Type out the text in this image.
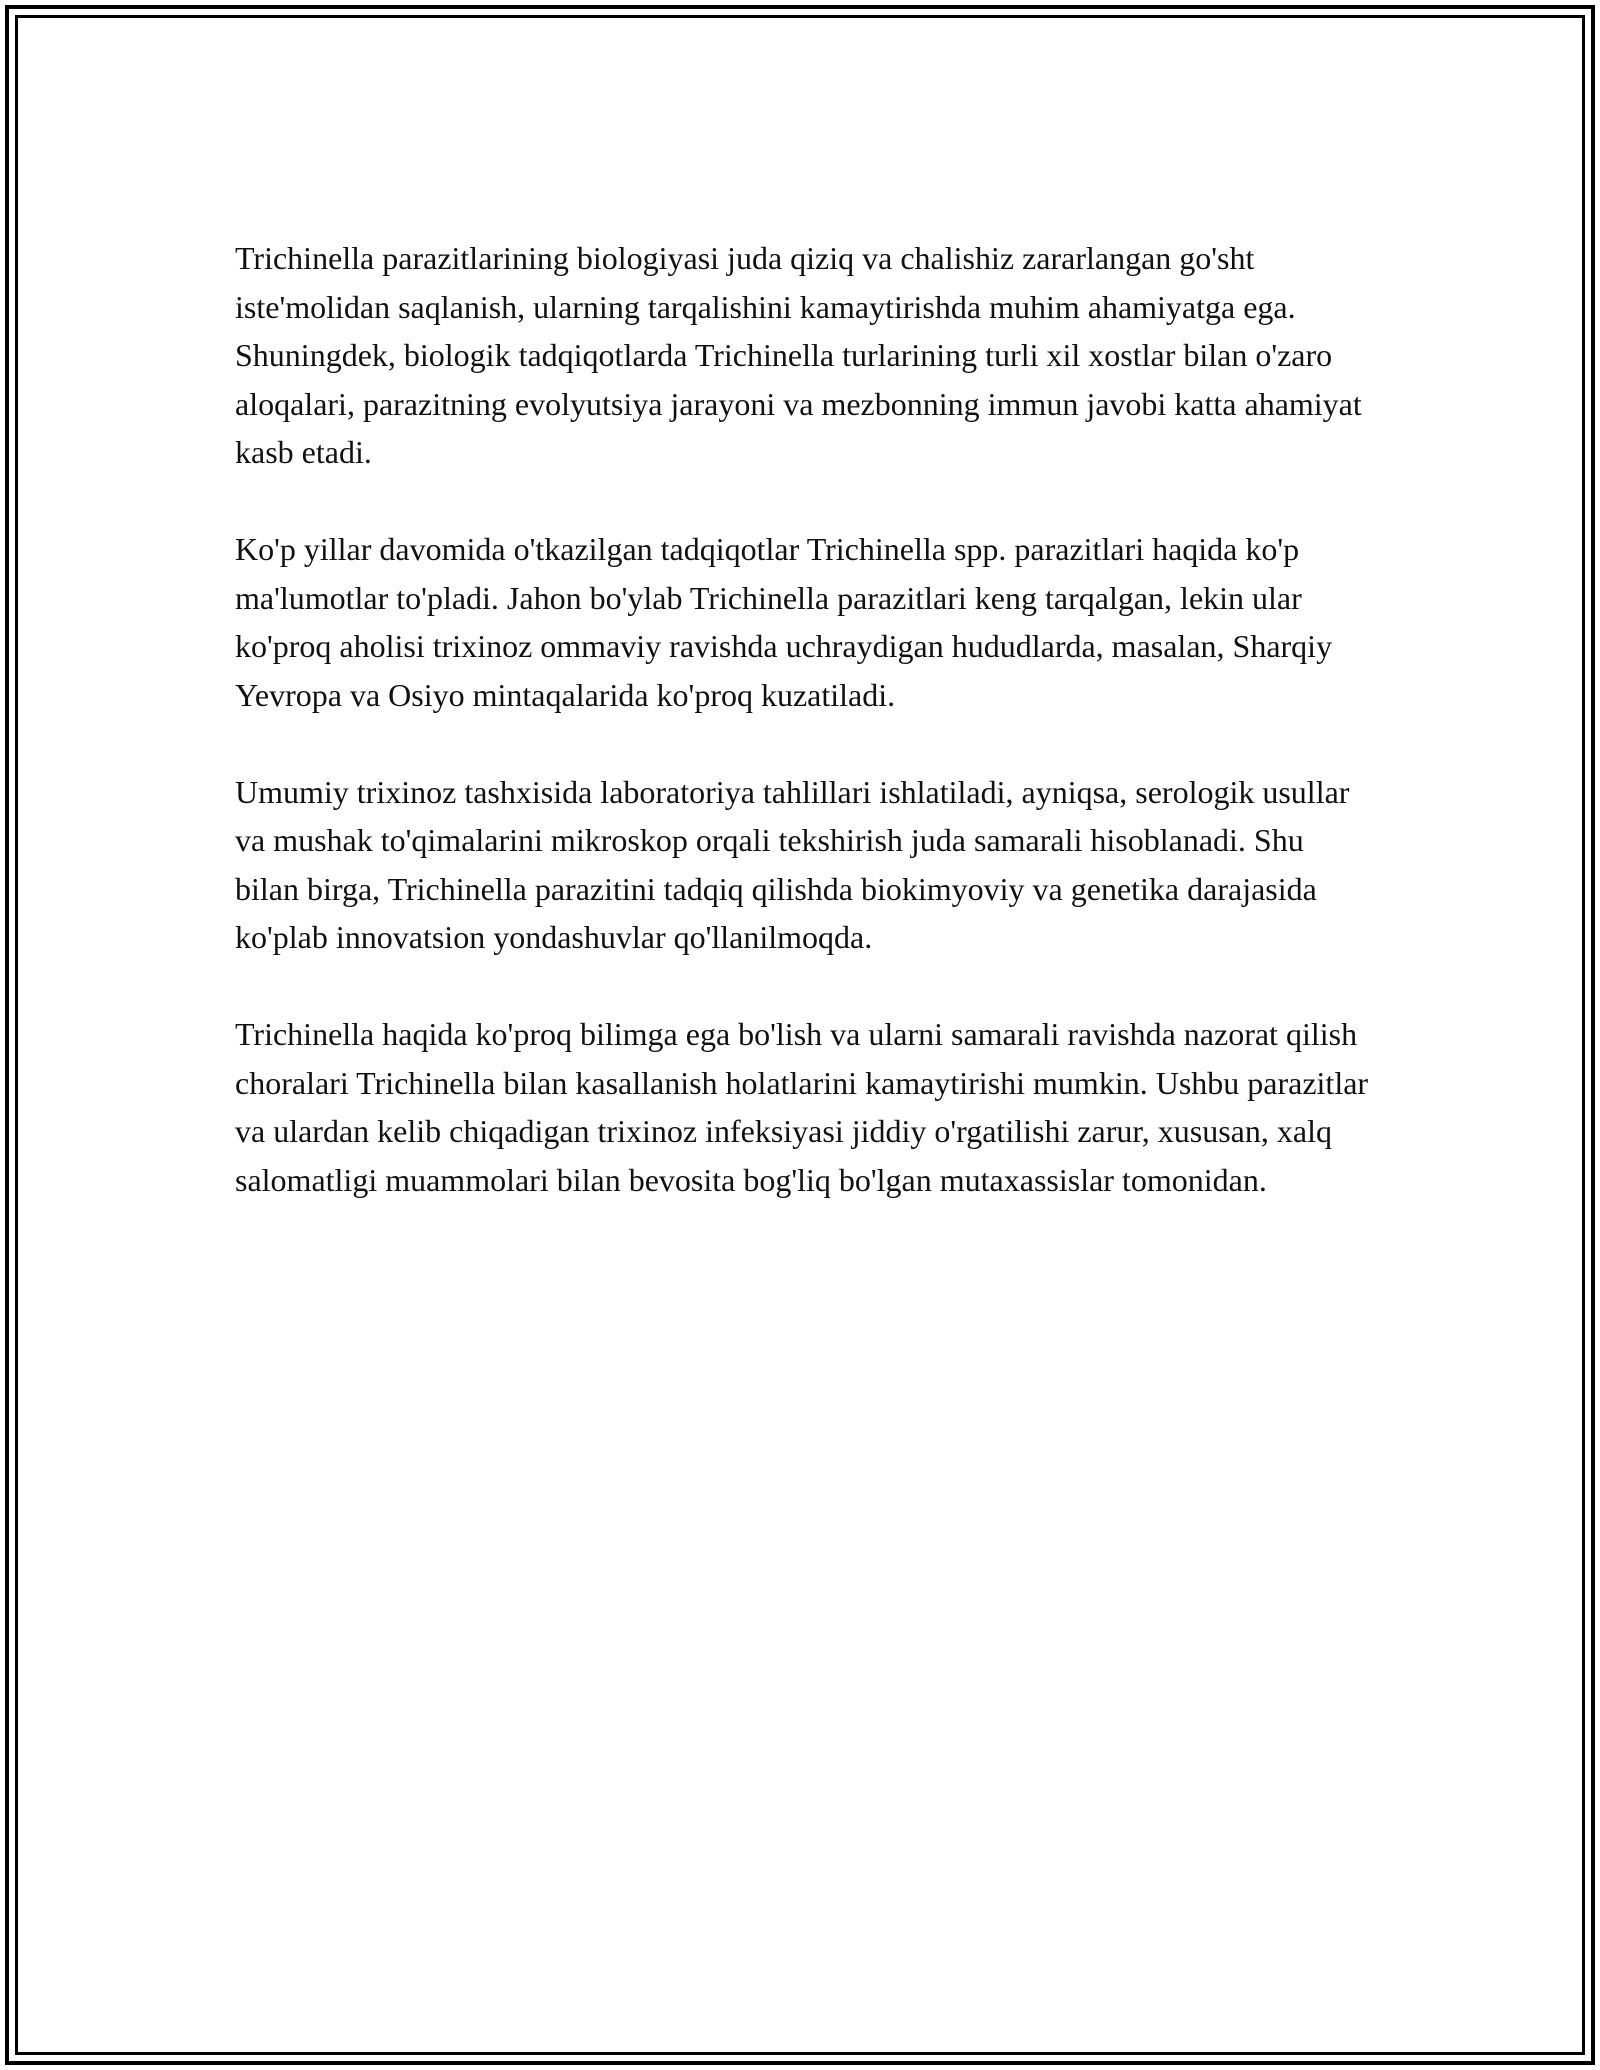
Trichinella parazitlarining biologiyasi juda qiziq va chalishiz zararlangan go'sht iste'molidan saqlanish, ularning tarqalishini kamaytirishda muhim ahamiyatga ega. Shuningdek, biologik tadqiqotlarda Trichinella turlarining turli xil xostlar bilan o'zaro aloqalari, parazitning evolyutsiya jarayoni va mezbonning immun javobi katta ahamiyat kasb etadi.

Ko'p yillar davomida o'tkazilgan tadqiqotlar Trichinella spp. parazitlari haqida ko'p ma'lumotlar to'pladi. Jahon bo'ylab Trichinella parazitlari keng tarqalgan, lekin ular ko'proq aholisi trixinoz ommaviy ravishda uchraydigan hududlarda, masalan, Sharqiy Yevropa va Osiyo mintaqalarida ko'proq kuzatiladi.

Umumiy trixinoz tashxisida laboratoriya tahlillari ishlatiladi, ayniqsa, serologik usullar va mushak to'qimalarini mikroskop orqali tekshirish juda samarali hisoblanadi. Shu bilan birga, Trichinella parazitini tadqiq qilishda biokimyoviy va genetika darajasida ko'plab innovatsion yondashuvlar qo'llanilmoqda.

Trichinella haqida ko'proq bilimga ega bo'lish va ularni samarali ravishda nazorat qilish choralari Trichinella bilan kasallanish holatlarini kamaytirishi mumkin. Ushbu parazitlar va ulardan kelib chiqadigan trixinoz infeksiyasi jiddiy o'rgatilishi zarur, xususan, xalq salomatligi muammolari bilan bevosita bog'liq bo'lgan mutaxassislar tomonidan.
